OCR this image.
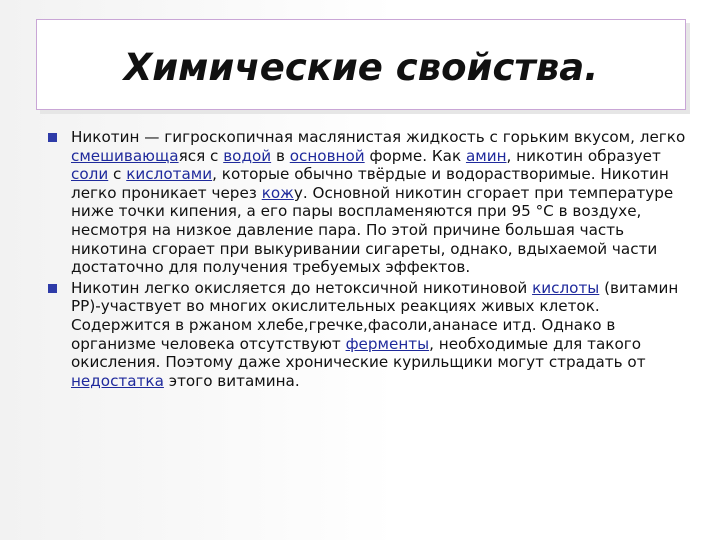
Химические свойства.
Никотин — гигроскопичная маслянистая жидкость с горьким вкусом, легко смешивающаяся с водой в основной форме. Как амин, никотин образует соли с кислотами, которые обычно твёрдые и водорастворимые. Никотин легко проникает через кожу. Основной никотин сгорает при температуре ниже точки кипения, а его пары воспламеняются при 95 °C в воздухе, несмотря на низкое давление пара. По этой причине большая часть никотина сгорает при выкуривании сигареты, однако, вдыхаемой части достаточно для получения требуемых эффектов.
Никотин легко окисляется до нетоксичной никотиновой кислоты (витамин PP)-участвует во многих окислительных реакциях живых клеток. Содержится в ржаном хлебе,гречке,фасоли,ананасе итд. Однако в организме человека отсутствуют ферменты, необходимые для такого окисления. Поэтому даже хронические курильщики могут страдать от недостатка этого витамина.
